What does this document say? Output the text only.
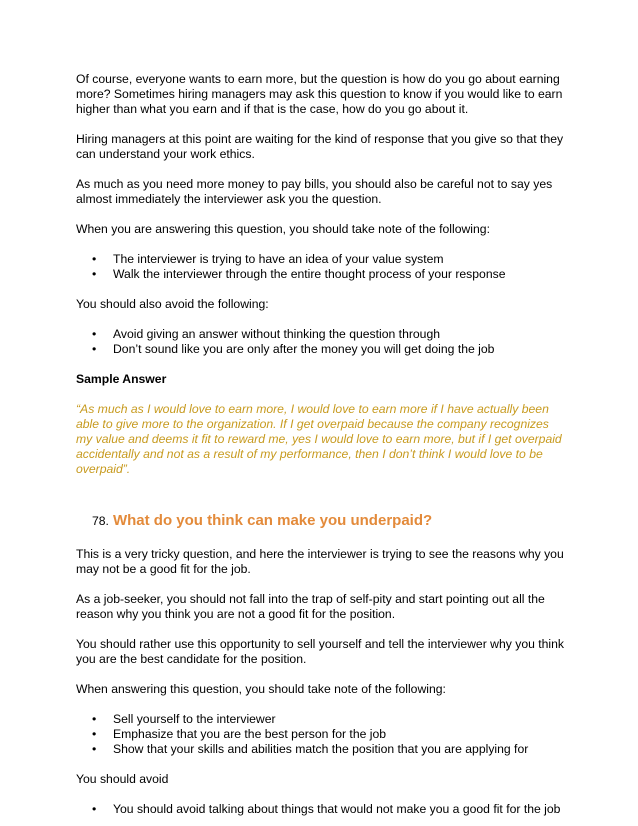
Of course, everyone wants to earn more, but the question is how do you go about earning more? Sometimes hiring managers may ask this question to know if you would like to earn higher than what you earn and if that is the case, how do you go about it.

Hiring managers at this point are waiting for the kind of response that you give so that they can understand your work ethics.

As much as you need more money to pay bills, you should also be careful not to say yes almost immediately the interviewer ask you the question.

When you are answering this question, you should take note of the following:

• The interviewer is trying to have an idea of your value system
• Walk the interviewer through the entire thought process of your response

You should also avoid the following:

• Avoid giving an answer without thinking the question through
• Don’t sound like you are only after the money you will get doing the job

Sample Answer

“As much as I would love to earn more, I would love to earn more if I have actually been able to give more to the organization. If I get overpaid because the company recognizes my value and deems it fit to reward me, yes I would love to earn more, but if I get overpaid accidentally and not as a result of my performance, then I don’t think I would love to be overpaid”.

78. What do you think can make you underpaid?

This is a very tricky question, and here the interviewer is trying to see the reasons why you may not be a good fit for the job.

As a job-seeker, you should not fall into the trap of self-pity and start pointing out all the reason why you think you are not a good fit for the position.

You should rather use this opportunity to sell yourself and tell the interviewer why you think you are the best candidate for the position.

When answering this question, you should take note of the following:

• Sell yourself to the interviewer
• Emphasize that you are the best person for the job
• Show that your skills and abilities match the position that you are applying for

You should avoid

• You should avoid talking about things that would not make you a good fit for the job
